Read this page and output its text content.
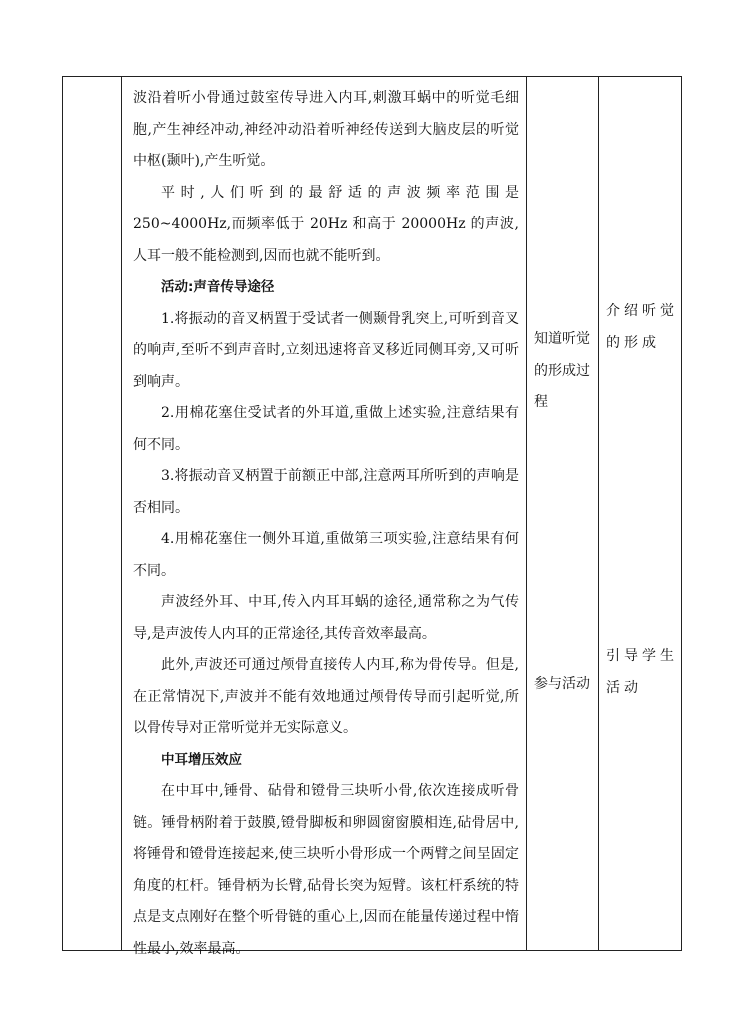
波沿着听小骨通过鼓室传导进入内耳,刺激耳蜗中的听觉毛细胞,产生神经冲动,神经冲动沿着听神经传送到大脑皮层的听觉中枢(颞叶),产生听觉。

平时,人们听到的最舒适的声波频率范围是 250~4000Hz,而频率低于 20Hz 和高于 20000Hz 的声波,人耳一般不能检测到,因而也就不能听到。

活动:声音传导途径

1.将振动的音叉柄置于受试者一侧颞骨乳突上,可听到音叉的响声,至听不到声音时,立刻迅速将音叉移近同侧耳旁,又可听到响声。

2.用棉花塞住受试者的外耳道,重做上述实验,注意结果有何不同。

3.将振动音叉柄置于前额正中部,注意两耳所听到的声响是否相同。

4.用棉花塞住一侧外耳道,重做第三项实验,注意结果有何不同。

声波经外耳、中耳,传入内耳耳蜗的途径,通常称之为气传导,是声波传人内耳的正常途径,其传音效率最高。

此外,声波还可通过颅骨直接传人内耳,称为骨传导。但是,在正常情况下,声波并不能有效地通过颅骨传导而引起听觉,所以骨传导对正常听觉并无实际意义。

中耳增压效应

在中耳中,锤骨、砧骨和镫骨三块听小骨,依次连接成听骨链。锤骨柄附着于鼓膜,镫骨脚板和卵圆窗窗膜相连,砧骨居中,将锤骨和镫骨连接起来,使三块听小骨形成一个两臂之间呈固定角度的杠杆。锤骨柄为长臂,砧骨长突为短臂。该杠杆系统的特点是支点刚好在整个听骨链的重心上,因而在能量传递过程中惰性最小,效率最高。

知道听觉
的形成过
程

介绍听觉
的形成

参与活动

引导学生
活动
